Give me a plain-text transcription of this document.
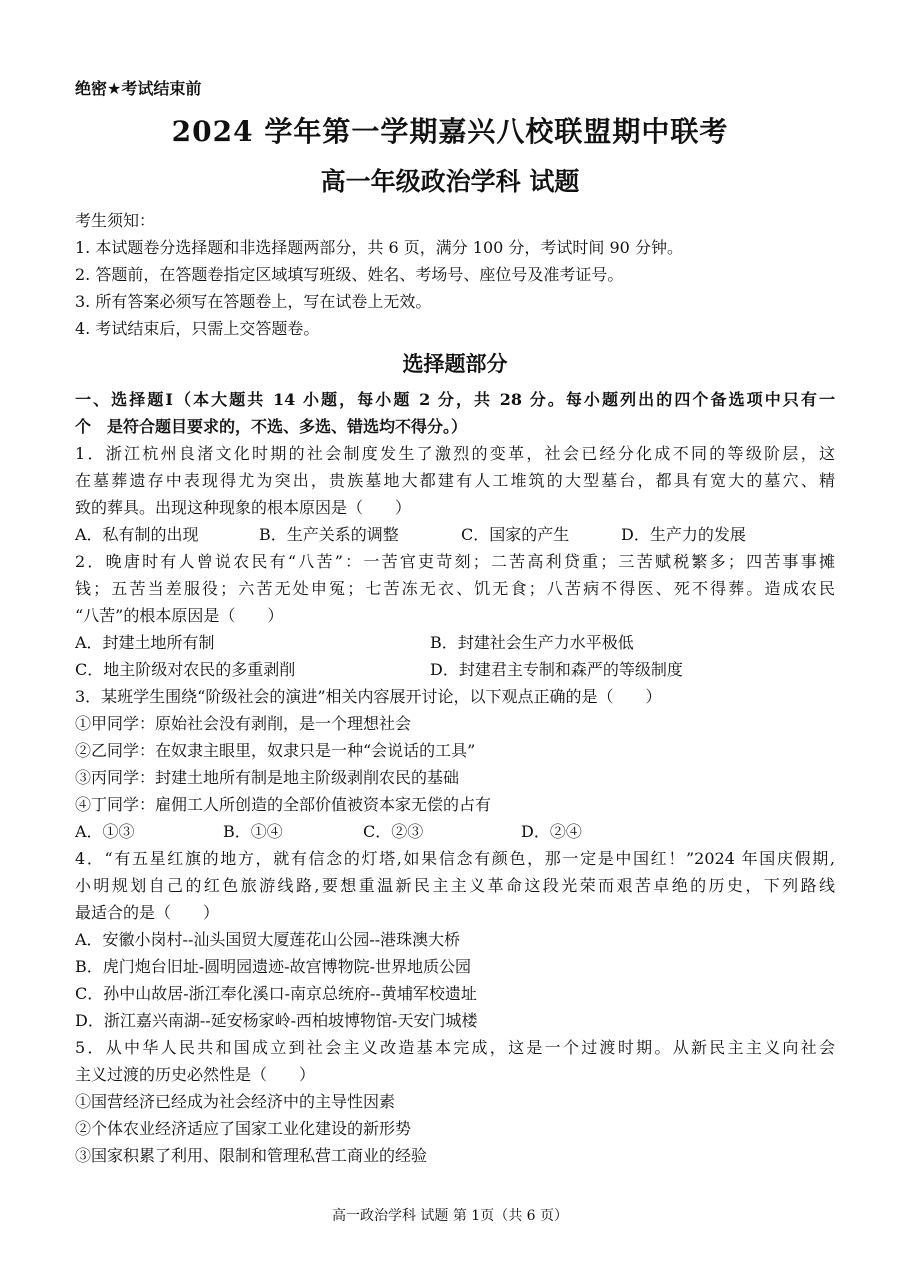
绝密★考试结束前
2024 学年第一学期嘉兴八校联盟期中联考
高一年级政治学科 试题
考生须知：
1. 本试题卷分选择题和非选择题两部分，共 6 页，满分 100 分，考试时间 90 分钟。
2. 答题前，在答题卷指定区域填写班级、姓名、考场号、座位号及准考证号。
3. 所有答案必须写在答题卷上，写在试卷上无效。
4. 考试结束后，只需上交答题卷。
选择题部分
一、选择题Ⅰ（本大题共 14 小题，每小题 2 分，共 28 分。每小题列出的四个备选项中只有一
个　是符合题目要求的，不选、多选、错选均不得分。）
1．浙江杭州良渚文化时期的社会制度发生了激烈的变革，社会已经分化成不同的等级阶层，这
在墓葬遗存中表现得尤为突出，贵族墓地大都建有人工堆筑的大型墓台，都具有宽大的墓穴、精
致的葬具。出现这种现象的根本原因是（　　）
A．私有制的出现	B．生产关系的调整	C．国家的产生	D．生产力的发展
2．晚唐时有人曾说农民有“八苦”：一苦官吏苛刻；二苦高利贷重；三苦赋税繁多；四苦事事摊
钱；五苦当差服役；六苦无处申冤；七苦冻无衣、饥无食；八苦病不得医、死不得葬。造成农民
“八苦”的根本原因是（　　）
A．封建土地所有制	B．封建社会生产力水平极低
C．地主阶级对农民的多重剥削	D．封建君主专制和森严的等级制度
3．某班学生围绕“阶级社会的演进”相关内容展开讨论，以下观点正确的是（　　）
①甲同学：原始社会没有剥削，是一个理想社会
②乙同学：在奴隶主眼里，奴隶只是一种“会说话的工具”
③丙同学：封建土地所有制是地主阶级剥削农民的基础
④丁同学：雇佣工人所创造的全部价值被资本家无偿的占有
A．①③	B．①④	C．②③	D．②④
4．“有五星红旗的地方，就有信念的灯塔,如果信念有颜色，那一定是中国红！”2024 年国庆假期,
小明规划自己的红色旅游线路,要想重温新民主主义革命这段光荣而艰苦卓绝的历史，下列路线
最适合的是（　　）
A．安徽小岗村--汕头国贸大厦莲花山公园--港珠澳大桥
B．虎门炮台旧址-圆明园遗迹-故宫博物院-世界地质公园
C．孙中山故居-浙江奉化溪口-南京总统府--黄埔军校遗址
D．浙江嘉兴南湖--延安杨家岭-西柏坡博物馆-天安门城楼
5．从中华人民共和国成立到社会主义改造基本完成，这是一个过渡时期。从新民主主义向社会
主义过渡的历史必然性是（　　）
①国营经济已经成为社会经济中的主导性因素
②个体农业经济适应了国家工业化建设的新形势
③国家积累了利用、限制和管理私营工商业的经验
高一政治学科 试题 第 1页（共 6 页）
